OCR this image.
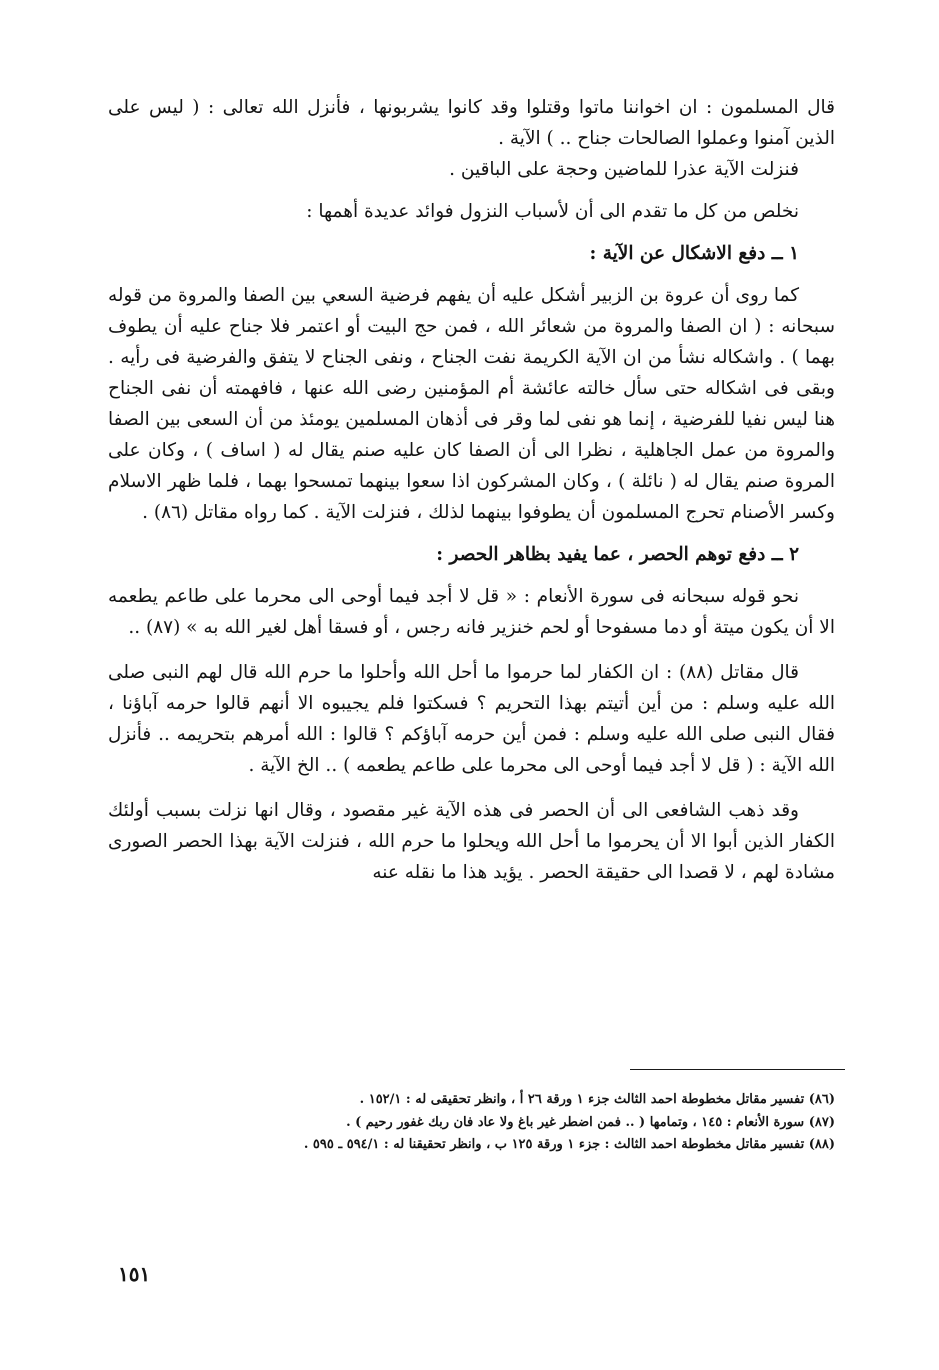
قال المسلمون : ان اخواننا ماتوا وقتلوا وقد كانوا يشربونها ، فأنزل الله تعالى : ( ليس على الذين آمنوا وعملوا الصالحات جناح .. ) الآية .

فنزلت الآية عذرا للماضين وحجة على الباقين .

نخلص من كل ما تقدم الى أن لأسباب النزول فوائد عديدة أهمها :

١ ــ دفع الاشكال عن الآية :

كما روى أن عروة بن الزبير أشكل عليه أن يفهم فرضية السعي بين الصفا والمروة من قوله سبحانه : ( ان الصفا والمروة من شعائر الله ، فمن حج البيت أو اعتمر فلا جناح عليه أن يطوف بهما ) . واشكاله نشأ من ان الآية الكريمة نفت الجناح ، ونفى الجناح لا يتفق والفرضية فى رأيه . وبقى فى اشكاله حتى سأل خالته عائشة أم المؤمنين رضى الله عنها ، فافهمته أن نفى الجناح هنا ليس نفيا للفرضية ، إنما هو نفى لما وقر فى أذهان المسلمين يومئذ من أن السعى بين الصفا والمروة من عمل الجاهلية ، نظرا الى أن الصفا كان عليه صنم يقال له ( اساف ) ، وكان على المروة صنم يقال له ( نائلة ) ، وكان المشركون اذا سعوا بينهما تمسحوا بهما ، فلما ظهر الاسلام وكسر الأصنام تحرج المسلمون أن يطوفوا بينهما لذلك ، فنزلت الآية . كما رواه مقاتل (٨٦) .

٢ ــ دفع توهم الحصر ، عما يفيد بظاهر الحصر :

نحو قوله سبحانه فى سورة الأنعام : « قل لا أجد فيما أوحى الى محرما على طاعم يطعمه الا أن يكون ميتة أو دما مسفوحا أو لحم خنزير فانه رجس ، أو فسقا أهل لغير الله به » (٨٧) ..

قال مقاتل (٨٨) : ان الكفار لما حرموا ما أحل الله وأحلوا ما حرم الله قال لهم النبى صلى الله عليه وسلم : من أين أتيتم بهذا التحريم ؟ فسكتوا فلم يجيبوه الا أنهم قالوا حرمه آباؤنا ، فقال النبى صلى الله عليه وسلم : فمن أين حرمه آباؤكم ؟ قالوا : الله أمرهم بتحريمه .. فأنزل الله الآية : ( قل لا أجد فيما أوحى الى محرما على طاعم يطعمه ) .. الخ الآية .

وقد ذهب الشافعى الى أن الحصر فى هذه الآية غير مقصود ، وقال انها نزلت بسبب أولئك الكفار الذين أبوا الا أن يحرموا ما أحل الله ويحلوا ما حرم الله ، فنزلت الآية بهذا الحصر الصورى مشادة لهم ، لا قصدا الى حقيقة الحصر . يؤيد هذا ما نقله عنه

(٨٦) تفسير مقاتل مخطوطة احمد الثالث جزء ١ ورقة ٢٦ أ ، وانظر تحقيقى له : ١٥٢/١ .

(٨٧) سورة الأنعام : ١٤٥ ، وتمامها ( .. فمن اضطر غير باغ ولا عاد فان ربك غفور رحيم ) .

(٨٨) تفسير مقاتل مخطوطة احمد الثالث : جزء ١ ورقة ١٢٥ ب ، وانظر تحقيقنا له : ٥٩٤/١ ـ ٥٩٥ .

١٥١
